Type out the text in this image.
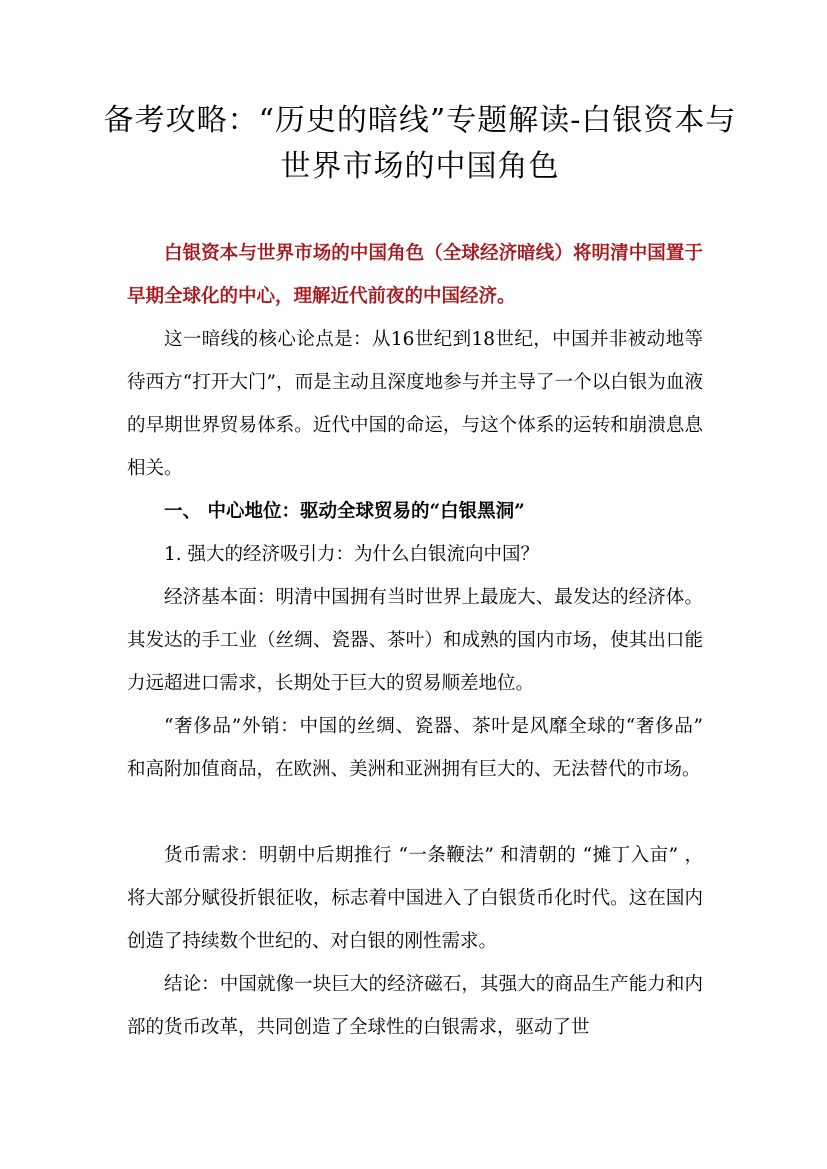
备考攻略：“历史的暗线”专题解读-白银资本与世界市场的中国角色

白银资本与世界市场的中国角色（全球经济暗线）将明清中国置于早期全球化的中心，理解近代前夜的中国经济。

这一暗线的核心论点是：从16世纪到18世纪，中国并非被动地等待西方“打开大门”，而是主动且深度地参与并主导了一个以白银为血液的早期世界贸易体系。近代中国的命运，与这个体系的运转和崩溃息息相关。

一、 中心地位：驱动全球贸易的“白银黑洞”

1. 强大的经济吸引力：为什么白银流向中国？

经济基本面：明清中国拥有当时世界上最庞大、最发达的经济体。其发达的手工业（丝绸、瓷器、茶叶）和成熟的国内市场，使其出口能力远超进口需求，长期处于巨大的贸易顺差地位。

“奢侈品”外销：中国的丝绸、瓷器、茶叶是风靡全球的“奢侈品” 和高附加值商品，在欧洲、美洲和亚洲拥有巨大的、无法替代的市场。

货币需求：明朝中后期推行 “一条鞭法” 和清朝的 “摊丁入亩” ，将大部分赋役折银征收，标志着中国进入了白银货币化时代。这在国内创造了持续数个世纪的、对白银的刚性需求。

结论：中国就像一块巨大的经济磁石，其强大的商品生产能力和内部的货币改革，共同创造了全球性的白银需求，驱动了世
